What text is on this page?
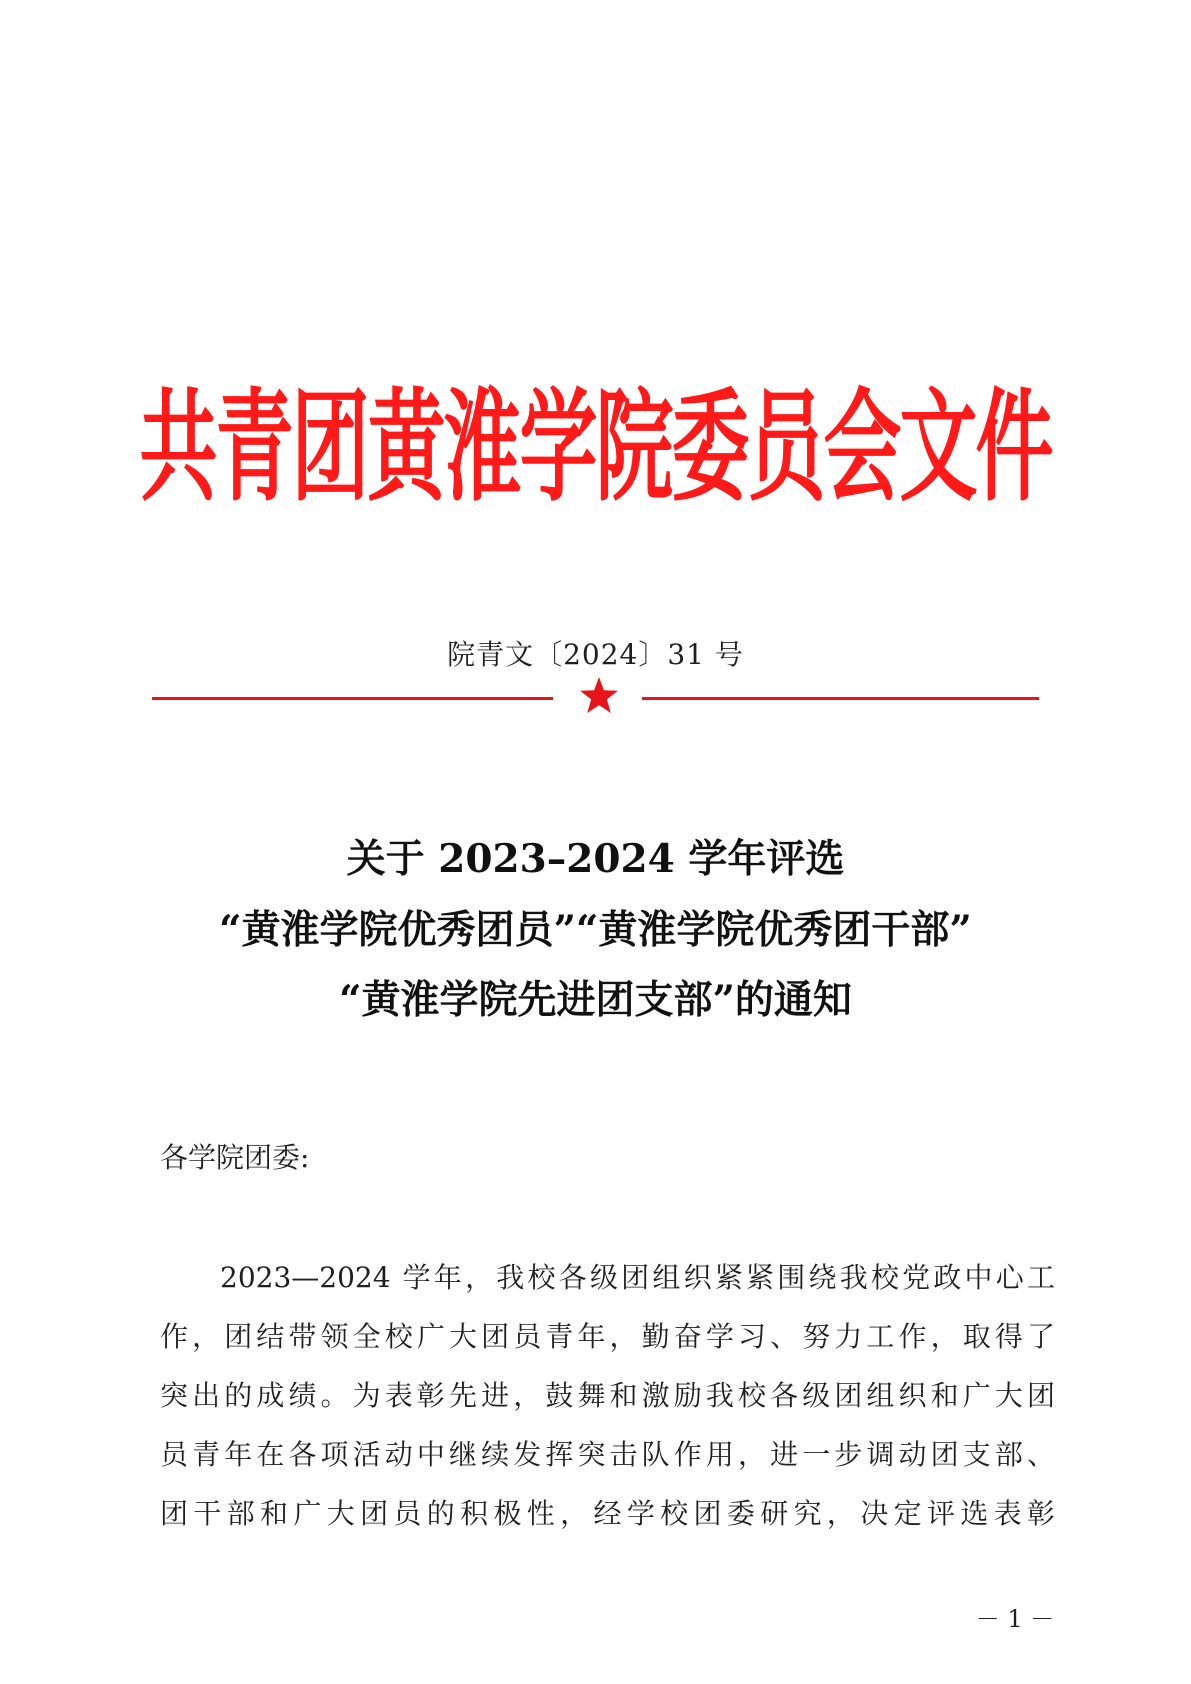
共青团黄淮学院委员会文件
院青文〔2024〕31 号
关于 2023–2024 学年评选
“黄淮学院优秀团员”“黄淮学院优秀团干部”
“黄淮学院先进团支部”的通知
各学院团委:
2023—2024 学年，我校各级团组织紧紧围绕我校党政中心工
作，团结带领全校广大团员青年，勤奋学习、努力工作，取得了
突出的成绩。为表彰先进，鼓舞和激励我校各级团组织和广大团
员青年在各项活动中继续发挥突击队作用，进一步调动团支部、
团干部和广大团员的积极性，经学校团委研究，决定评选表彰
－ 1 －
